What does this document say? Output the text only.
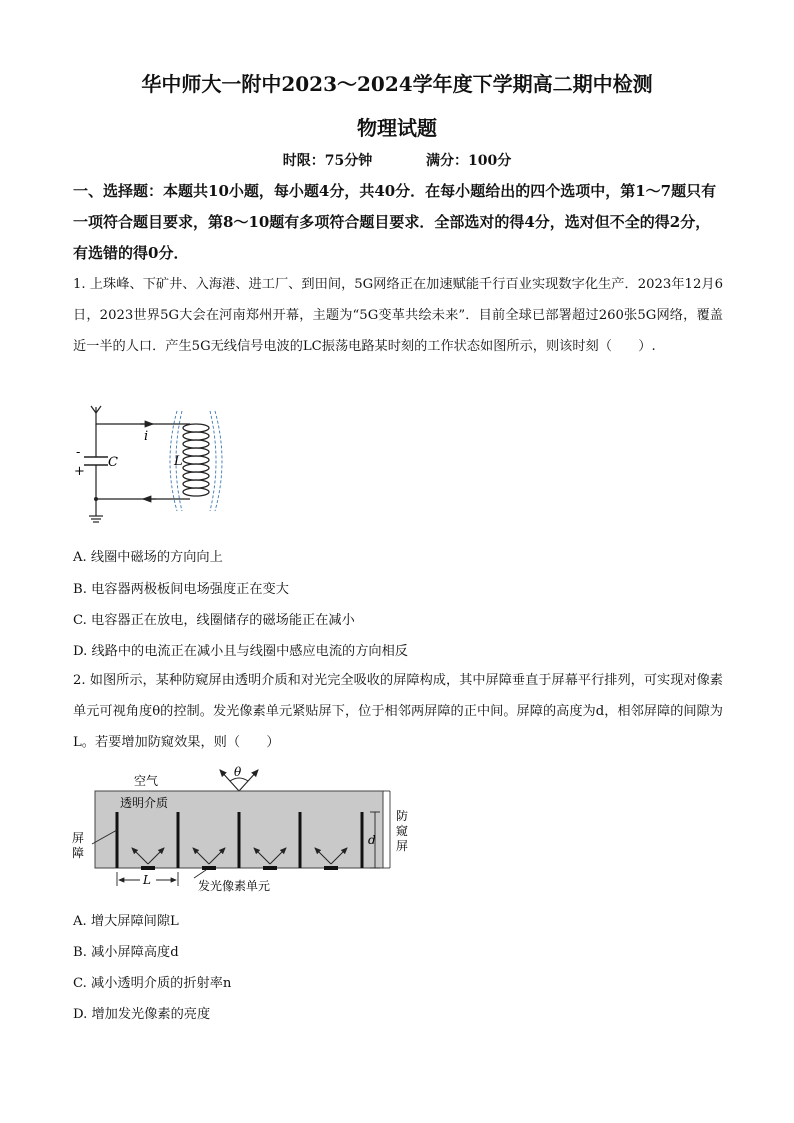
华中师大一附中2023～2024学年度下学期高二期中检测
物理试题
时限：75分钟	满分：100分
一、选择题：本题共10小题，每小题4分，共40分．在每小题给出的四个选项中，第1～7题只有一项符合题目要求，第8～10题有多项符合题目要求．全部选对的得4分，选对但不全的得2分，有选错的得0分．
1. 上珠峰、下矿井、入海港、进工厂、到田间，5G网络正在加速赋能千行百业实现数字化生产．2023年12月6日，2023世界5G大会在河南郑州开幕，主题为“5G变革共绘未来”．目前全球已部署超过260张5G网络，覆盖近一半的人口．产生5G无线信号电波的LC振荡电路某时刻的工作状态如图所示，则该时刻（　　）.
i
-
+
C	L
A. 线圈中磁场的方向向上
B. 电容器两极板间电场强度正在变大
C. 电容器正在放电，线圈储存的磁场能正在减小
D. 线路中的电流正在减小且与线圈中感应电流的方向相反
2. 如图所示，某种防窥屏由透明介质和对光完全吸收的屏障构成，其中屏障垂直于屏幕平行排列，可实现对像素单元可视角度θ的控制。发光像素单元紧贴屏下，位于相邻两屏障的正中间。屏障的高度为d，相邻屏障的间隙为L。若要增加防窥效果，则（　　）
空气
θ
透明介质
屏
障
d
防
窥
屏
L	发光像素单元
A. 增大屏障间隙L
B. 减小屏障高度d
C. 减小透明介质的折射率n
D. 增加发光像素的亮度
